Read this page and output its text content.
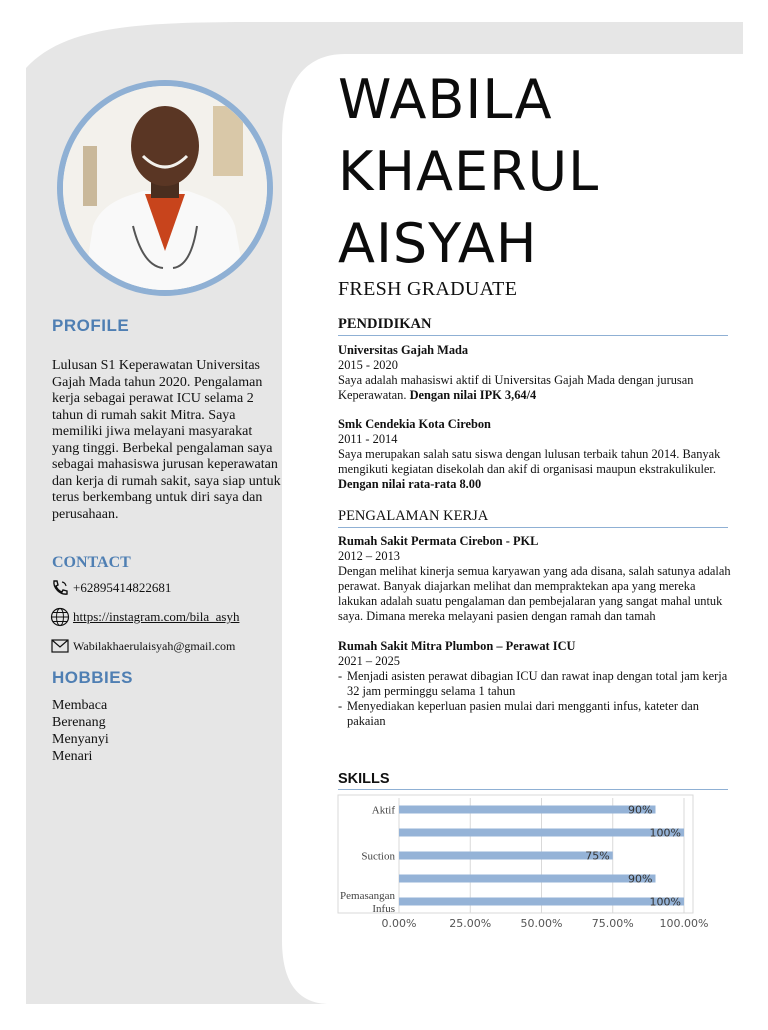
PROFILE

Lulusan S1 Keperawatan Universitas Gajah Mada tahun 2020. Pengalaman kerja sebagai perawat ICU selama 2 tahun di rumah sakit Mitra. Saya memiliki jiwa melayani masyarakat yang tinggi. Berbekal pengalaman saya sebagai mahasiswa jurusan keperawatan dan kerja di rumah sakit, saya siap untuk terus berkembang untuk diri saya dan perusahaan.

CONTACT
+62895414822681
https://instagram.com/bila_asyh
Wabilakhaerulaisyah@gmail.com
HOBBIES
Membaca
Berenang
Menyanyi
Menari
WABILA
KHAERUL
AISYAH

FRESH GRADUATE

PENDIDIKAN

Universitas Gajah Mada

2015 - 2020

Saya adalah mahasiswi aktif di Universitas Gajah Mada dengan jurusan Keperawatan. Dengan nilai IPK 3,64/4

Smk Cendekia Kota Cirebon

2011 - 2014

Saya merupakan salah satu siswa dengan lulusan terbaik tahun 2014. Banyak mengikuti kegiatan disekolah dan akif di organisasi maupun ekstrakulikuler.

Dengan nilai rata-rata 8.00

PENGALAMAN KERJA

Rumah Sakit Permata Cirebon - PKL

2012 – 2013

Dengan melihat kinerja semua karyawan yang ada disana, salah satunya adalah perawat. Banyak diajarkan melihat dan mempraktekan apa yang mereka lakukan adalah suatu pengalaman dan pembejalaran yang sangat mahal untuk saya. Dimana mereka melayani pasien dengan ramah dan tamah

Rumah Sakit Mitra Plumbon – Perawat ICU

2021 – 2025

- Menjadi asisten perawat dibagian ICU dan rawat inap dengan total jam kerja 32 jam perminggu selama 1 tahun
- Menyediakan keperluan pasien mulai dari mengganti infus, kateter dan pakaian
SKILLS
0.00%	25.00%	50.00%	75.00% 100.00%
90%
Aktif
100%
75%
Suction
90%
100%
Pemasangan
Infus
